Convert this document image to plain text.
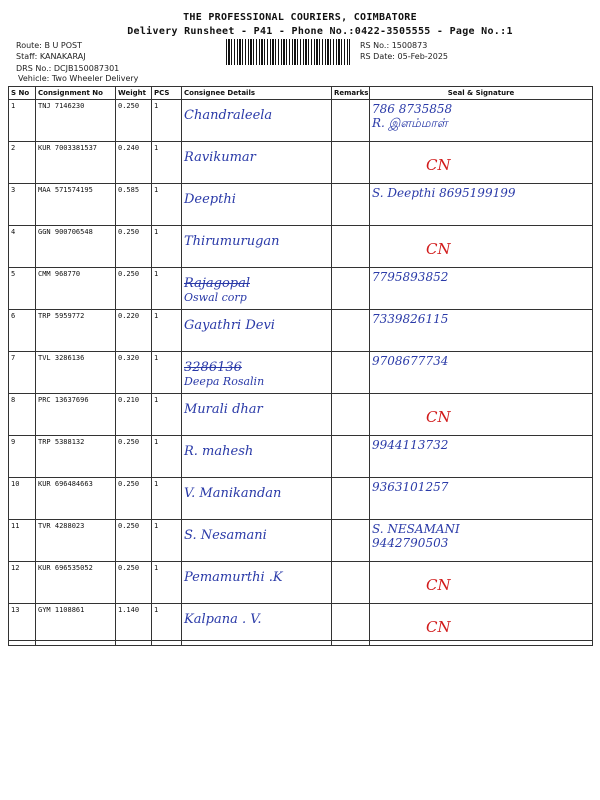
THE PROFESSIONAL COURIERS, COIMBATORE
Delivery Runsheet - P41 - Phone No.:0422-3505555 - Page No.:1
Route: B U POST
Staff: KANAKARAJ
DRS No.: DCJB150087301
Vehicle: Two Wheeler Delivery
RS No.: 1500873
RS Date: 05-Feb-2025
S No	Consignment No	Weight	PCS	Consignee Details	Remarks	Seal & Signature
1	TNJ 7146230	0.250	1	Chandraleela		786 8735858
R. இளம்மாள்

2	KUR 7003381537	0.240	1	Ravikumar		CN

3	MAA 571574195	0.585	1	Deepthi		S. Deepthi 8695199199

4	GGN 900706548	0.250	1	Thirumurugan		CN

5	CMM 968770	0.250	1	Rajagopal
Oswal corp		7795893852

6	TRP 5959772	0.220	1	Gayathri Devi		7339826115

7	TVL 3286136	0.320	1	3286136
Deepa Rosalin		9708677734

8	PRC 13637696	0.210	1	Murali dhar		CN

9	TRP 5388132	0.250	1	R. mahesh		9944113732

10	KUR 696484663	0.250	1	V. Manikandan		9363101257

11	TVR 4288023	0.250	1	S. Nesamani		S. NESAMANI
9442790503

12	KUR 696535052	0.250	1	Pemamurthi .K		CN

13	GYM 1108861	1.140	1	Kalpana . V.		CN
